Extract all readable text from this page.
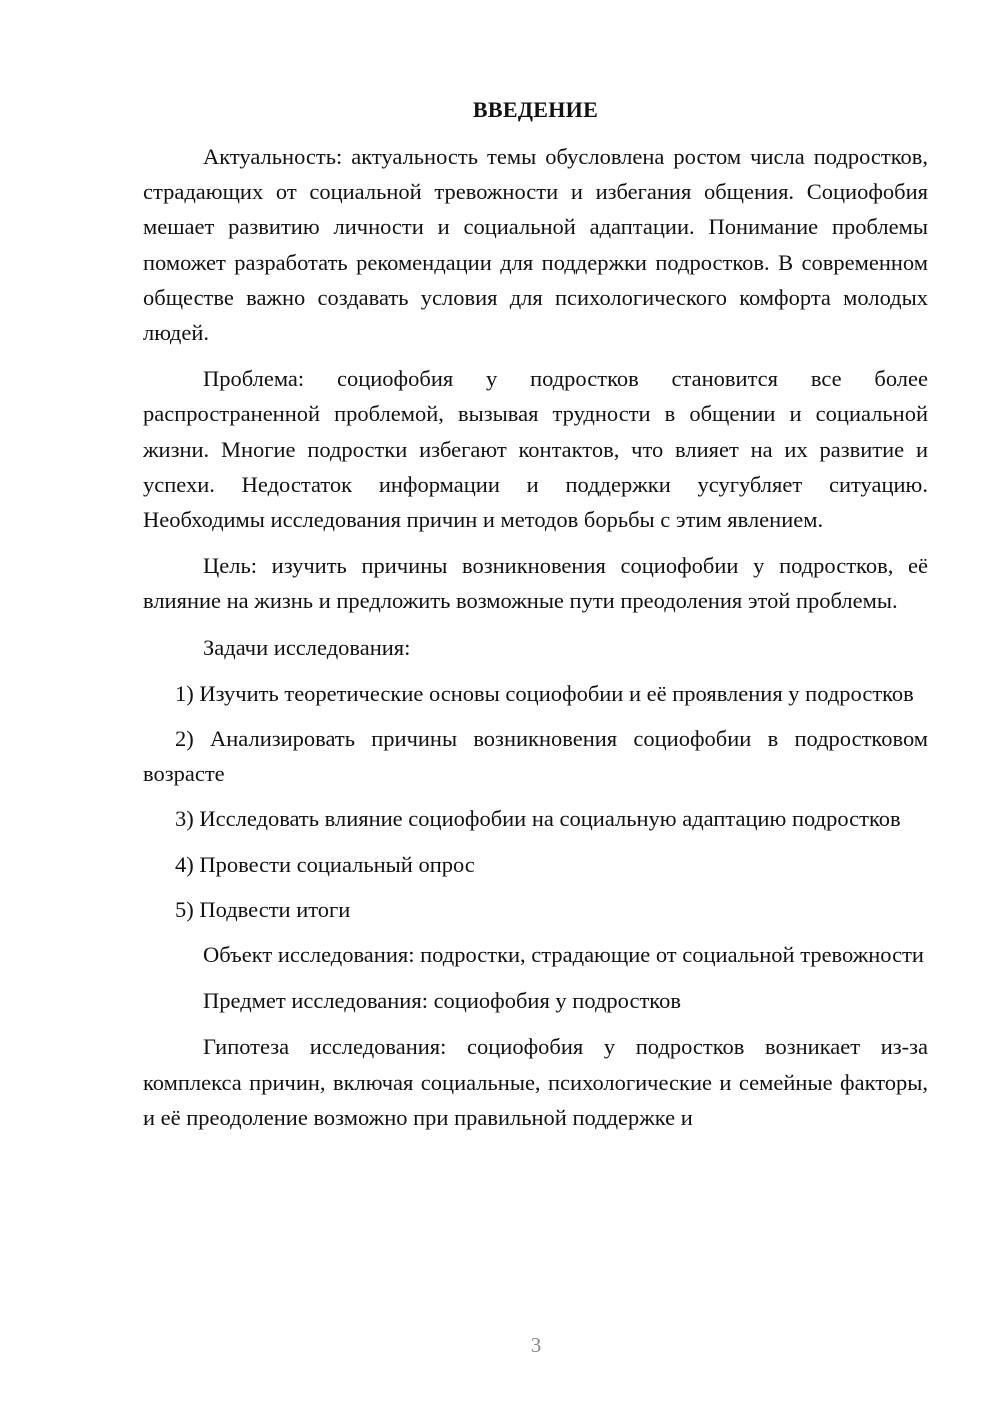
ВВЕДЕНИЕ

Актуальность: актуальность темы обусловлена ростом числа подростков, страдающих от социальной тревожности и избегания общения. Социофобия мешает развитию личности и социальной адаптации. Понимание проблемы поможет разработать рекомендации для поддержки подростков. В современном обществе важно создавать условия для психологического комфорта молодых людей.

Проблема: социофобия у подростков становится все более распространенной проблемой, вызывая трудности в общении и социальной жизни. Многие подростки избегают контактов, что влияет на их развитие и успехи. Недостаток информации и поддержки усугубляет ситуацию. Необходимы исследования причин и методов борьбы с этим явлением.

Цель: изучить причины возникновения социофобии у подростков, её влияние на жизнь и предложить возможные пути преодоления этой проблемы.

Задачи исследования:

1) Изучить теоретические основы социофобии и её проявления у подростков

2) Анализировать причины возникновения социофобии в подростковом возрасте

3) Исследовать влияние социофобии на социальную адаптацию подростков

4) Провести социальный опрос

5) Подвести итоги

Объект исследования: подростки, страдающие от социальной тревожности

Предмет исследования: социофобия у подростков

Гипотеза исследования: социофобия у подростков возникает из-за комплекса причин, включая социальные, психологические и семейные факторы, и её преодоление возможно при правильной поддержке и

3
